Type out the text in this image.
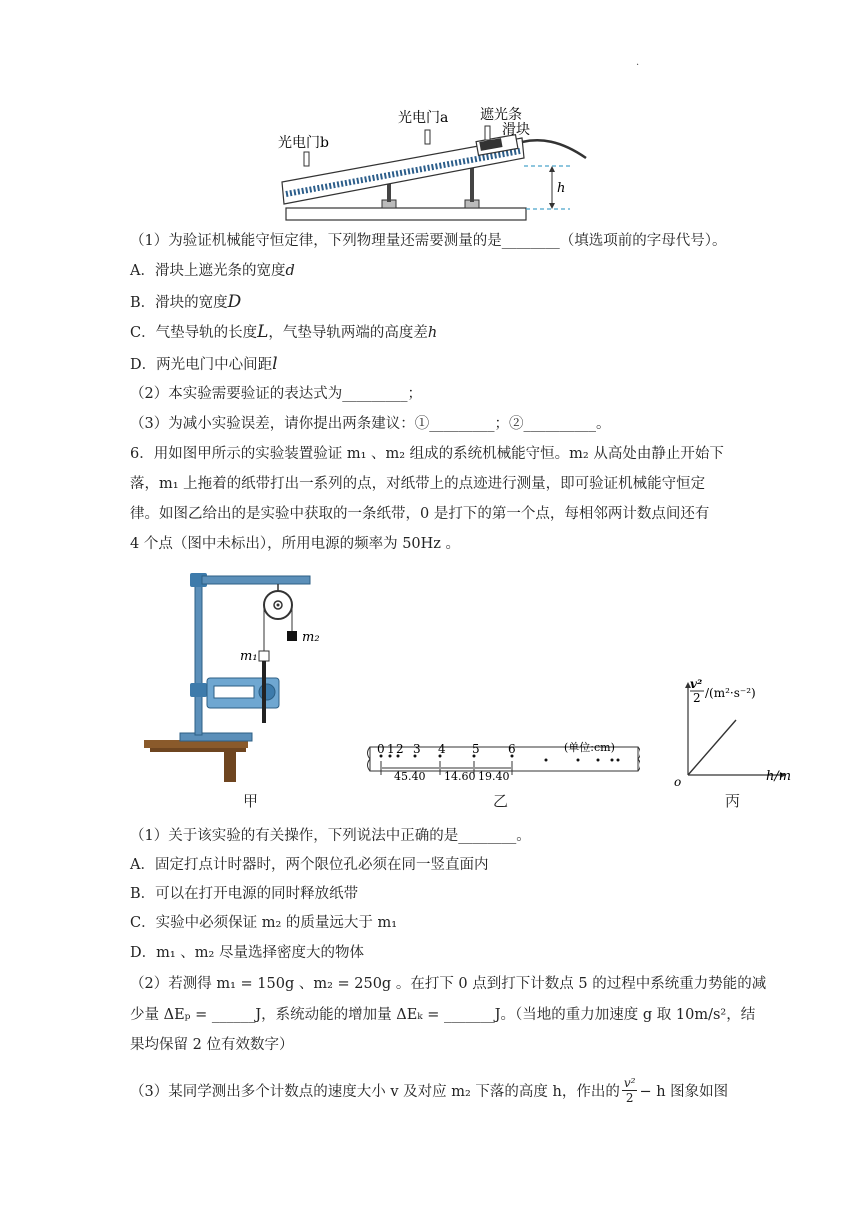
·
h
光电门b
光电门a 遮光条
滑块
（1）为验证机械能守恒定律，下列物理量还需要测量的是________（填选项前的字母代号）。
A．滑块上遮光条的宽度d
B．滑块的宽度D
C．气垫导轨的长度L，气垫导轨两端的高度差h
D．两光电门中心间距l
（2）本实验需要验证的表达式为_________；
（3）为减小实验误差，请你提出两条建议：①_________；②__________。
6．用如图甲所示的实验装置验证 m₁ 、m₂ 组成的系统机械能守恒。m₂ 从高处由静止开始下
落，m₁ 上拖着的纸带打出一系列的点，对纸带上的点迹进行测量，即可验证机械能守恒定
律。如图乙给出的是实验中获取的一条纸带，0 是打下的第一个点，每相邻两计数点间还有
4 个点（图中未标出），所用电源的频率为 50Hz 。
m₁
m₂
甲
0 1 2 3 4 5 6	(单位:cm)
45.40 14.60 19.40
乙
v²
2 /(m²·s⁻²)
h/m
o
丙
（1）关于该实验的有关操作，下列说法中正确的是________。
A．固定打点计时器时，两个限位孔必须在同一竖直面内
B．可以在打开电源的同时释放纸带
C．实验中必须保证 m₂ 的质量远大于 m₁
D．m₁ 、m₂ 尽量选择密度大的物体
（2）若测得 m₁ = 150g 、m₂ = 250g 。在打下 0 点到打下计数点 5 的过程中系统重力势能的减
少量 ΔEₚ = ______J，系统动能的增加量 ΔEₖ = _______J。（当地的重力加速度 g 取 10m/s²，结
果均保留 2 位有效数字）
（3）某同学测出多个计数点的速度大小 v 及对应 m₂ 下落的高度 h，作出的
v²
2 − h 图象如图
